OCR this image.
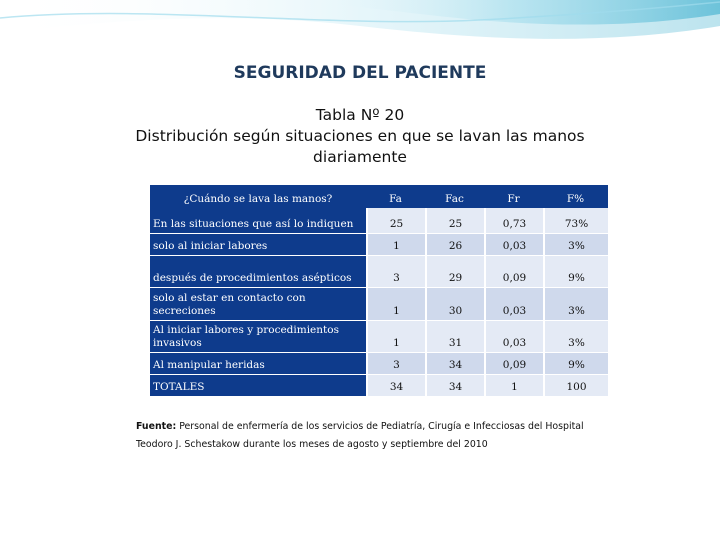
SEGURIDAD DEL PACIENTE
Tabla Nº 20
Distribución según situaciones en que se lavan las manos diariamente
¿Cuándo se lava las manos?	Fa	Fac	Fr	F%
En las situaciones que así lo indiquen	25	25	0,73	73%
solo al iniciar labores	1	26	0,03	3%
después de procedimientos asépticos	3	29	0,09	9%
solo al estar en contacto con secreciones	1	30	0,03	3%
Al iniciar labores y procedimientos invasivos	1	31	0,03	3%
Al manipular heridas	3	34	0,09	9%
TOTALES	34	34	1	100
Fuente: Personal de enfermería de los servicios de Pediatría, Cirugía e Infecciosas del Hospital Teodoro J. Schestakow durante los meses de agosto y septiembre del 2010
